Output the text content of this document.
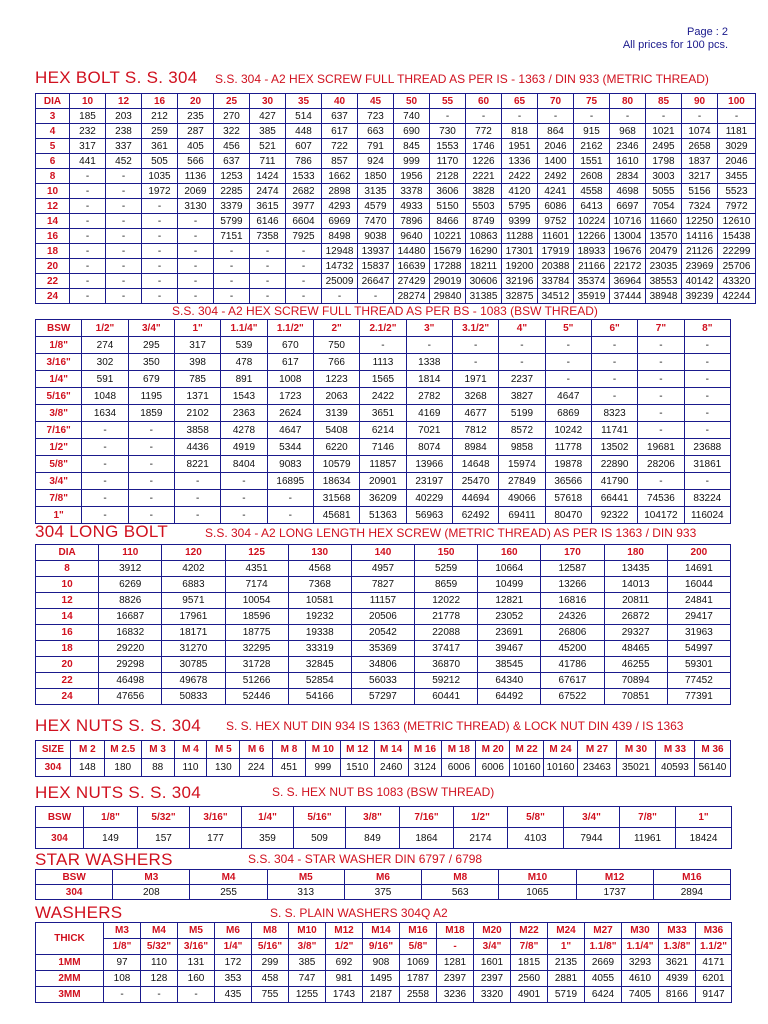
Page : 2
All prices for 100 pcs.
HEX BOLT S. S. 304 S.S. 304 - A2 HEX SCREW FULL THREAD AS PER IS - 1363 / DIN 933 (METRIC THREAD)
DIA	10	12	16	20	25	30	35	40	45	50	55	60	65	70	75	80	85	90	100
3	185	203	212	235	270	427	514	637	723	740	-	-	-	-	-	-	-	-	-
4	232	238	259	287	322	385	448	617	663	690	730	772	818	864	915	968	1021	1074	1181
5	317	337	361	405	456	521	607	722	791	845	1553	1746	1951	2046	2162	2346	2495	2658	3029
6	441	452	505	566	637	711	786	857	924	999	1170	1226	1336	1400	1551	1610	1798	1837	2046
8	-	-	1035	1136	1253	1424	1533	1662	1850	1956	2128	2221	2422	2492	2608	2834	3003	3217	3455
10	-	-	1972	2069	2285	2474	2682	2898	3135	3378	3606	3828	4120	4241	4558	4698	5055	5156	5523
12	-	-	-	3130	3379	3615	3977	4293	4579	4933	5150	5503	5795	6086	6413	6697	7054	7324	7972
14	-	-	-	-	5799	6146	6604	6969	7470	7896	8466	8749	9399	9752	10224	10716	11660	12250	12610
16	-	-	-	-	7151	7358	7925	8498	9038	9640	10221	10863	11288	11601	12266	13004	13570	14116	15438
18	-	-	-	-	-	-	-	12948	13937	14480	15679	16290	17301	17919	18933	19676	20479	21126	22299
20	-	-	-	-	-	-	-	14732	15837	16639	17288	18211	19200	20388	21166	22172	23035	23969	25706
22	-	-	-	-	-	-	-	25009	26647	27429	29019	30606	32196	33784	35374	36964	38553	40142	43320
24	-	-	-	-	-	-	-	-	-	28274	29840	31385	32875	34512	35919	37444	38948	39239	42244
S.S. 304 - A2 HEX SCREW FULL THREAD AS PER BS - 1083 (BSW THREAD)
BSW	1/2"	3/4"	1"	1.1/4"	1.1/2"	2"	2.1/2"	3"	3.1/2"	4"	5"	6"	7"	8"
1/8"	274	295	317	539	670	750	-	-	-	-	-	-	-	-
3/16"	302	350	398	478	617	766	1113	1338	-	-	-	-	-	-
1/4"	591	679	785	891	1008	1223	1565	1814	1971	2237	-	-	-	-
5/16"	1048	1195	1371	1543	1723	2063	2422	2782	3268	3827	4647	-	-	-
3/8"	1634	1859	2102	2363	2624	3139	3651	4169	4677	5199	6869	8323	-	-
7/16"	-	-	3858	4278	4647	5408	6214	7021	7812	8572	10242	11741	-	-
1/2"	-	-	4436	4919	5344	6220	7146	8074	8984	9858	11778	13502	19681	23688
5/8"	-	-	8221	8404	9083	10579	11857	13966	14648	15974	19878	22890	28206	31861
3/4"	-	-	-	-	16895	18634	20901	23197	25470	27849	36566	41790	-	-
7/8"	-	-	-	-	-	31568	36209	40229	44694	49066	57618	66441	74536	83224
1"	-	-	-	-	-	45681	51363	56963	62492	69411	80470	92322	104172	116024
304 LONG BOLT	S.S. 304 - A2 LONG LENGTH HEX SCREW (METRIC THREAD) AS PER IS 1363 / DIN 933
DIA	110	120	125	130	140	150	160	170	180	200
8	3912	4202	4351	4568	4957	5259	10664	12587	13435	14691
10	6269	6883	7174	7368	7827	8659	10499	13266	14013	16044
12	8826	9571	10054	10581	11157	12022	12821	16816	20811	24841
14	16687	17961	18596	19232	20506	21778	23052	24326	26872	29417
16	16832	18171	18775	19338	20542	22088	23691	26806	29327	31963
18	29220	31270	32295	33319	35369	37417	39467	45200	48465	54997
20	29298	30785	31728	32845	34806	36870	38545	41786	46255	59301
22	46498	49678	51266	52854	56033	59212	64340	67617	70894	77452
24	47656	50833	52446	54166	57297	60441	64492	67522	70851	77391
HEX NUTS S. S. 304 S. S. HEX NUT DIN 934 IS 1363 (METRIC THREAD) & LOCK NUT DIN 439 / IS 1363
SIZE	M 2	M 2.5	M 3	M 4	M 5	M 6	M 8	M 10	M 12	M 14	M 16	M 18	M 20	M 22	M 24	M 27	M 30	M 33	M 36
304	148	180	88	110	130	224	451	999	1510	2460	3124	6006	6006	10160	10160	23463	35021	40593	56140
HEX NUTS S. S. 304	S. S. HEX NUT BS 1083 (BSW THREAD)
BSW	1/8"	5/32"	3/16"	1/4"	5/16"	3/8"	7/16"	1/2"	5/8"	3/4"	7/8"	1"
304	149	157	177	359	509	849	1864	2174	4103	7944	11961	18424
STAR WASHERS	S.S. 304 - STAR WASHER DIN 6797 / 6798
BSW	M3	M4	M5	M6	M8	M10	M12	M16
304	208	255	313	375	563	1065	1737	2894
WASHERS	S. S. PLAIN WASHERS 304Q A2
THICK	M3	M4	M5	M6	M8	M10	M12	M14	M16	M18	M20	M22	M24	M27	M30	M33	M36
	1/8"	5/32"	3/16"	1/4"	5/16"	3/8"	1/2"	9/16"	5/8"	-	3/4"	7/8"	1"	1.1/8"	1.1/4"	1.3/8"	1.1/2"
1MM	97	110	131	172	299	385	692	908	1069	1281	1601	1815	2135	2669	3293	3621	4171
2MM	108	128	160	353	458	747	981	1495	1787	2397	2397	2560	2881	4055	4610	4939	6201
3MM	-	-	-	435	755	1255	1743	2187	2558	3236	3320	4901	5719	6424	7405	8166	9147
